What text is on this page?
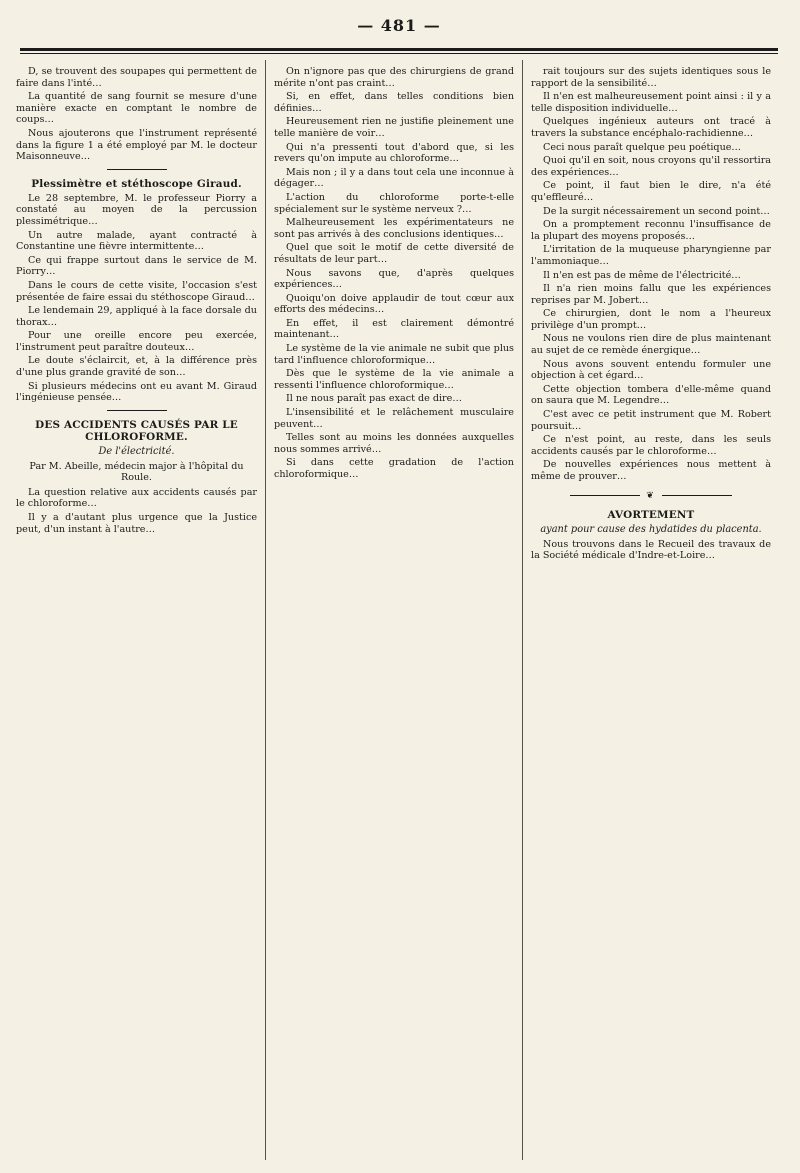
— 481 —

D, se trouvent des soupapes qui permettent de faire dans l'inté…

La quantité de sang fournit se mesure d'une manière exacte en comptant le nombre de coups…

Nous ajouterons que l'instrument représenté dans la figure 1 a été employé par M. le docteur Maisonneuve…

Plessimètre et stéthoscope Giraud.

Le 28 septembre, M. le professeur Piorry a constaté au moyen de la percussion plessimétrique…

Un autre malade, ayant contracté à Constantine une fièvre intermittente…

Ce qui frappe surtout dans le service de M. Piorry…

Dans le cours de cette visite, l'occasion s'est présentée de faire essai du stéthoscope Giraud…

Le lendemain 29, appliqué à la face dorsale du thorax…

Pour une oreille encore peu exercée, l'instrument peut paraître douteux…

Le doute s'éclaircit, et, à la différence près d'une plus grande gravité de son…

Si plusieurs médecins ont eu avant M. Giraud l'ingénieuse pensée…

DES ACCIDENTS CAUSÉS PAR LE CHLOROFORME.
De l'électricité.
Par M. Abeille, médecin major à l'hôpital du Roule.

La question relative aux accidents causés par le chloroforme…

Il y a d'autant plus urgence que la Justice peut, d'un instant à l'autre…

On n'ignore pas que des chirurgiens de grand mérite n'ont pas craint…

Si, en effet, dans telles conditions bien définies…

Heureusement rien ne justifie pleinement une telle manière de voir…

Qui n'a pressenti tout d'abord que, si les revers qu'on impute au chloroforme…

Mais non ; il y a dans tout cela une inconnue à dégager…

L'action du chloroforme porte-t-elle spécialement sur le système nerveux ?…

Malheureusement les expérimentateurs ne sont pas arrivés à des conclusions identiques…

Quel que soit le motif de cette diversité de résultats de leur part…

Nous savons que, d'après quelques expériences…

Quoiqu'on doive applaudir de tout cœur aux efforts des médecins…

En effet, il est clairement démontré maintenant…

Le système de la vie animale ne subit que plus tard l'influence chloroformique…

Dès que le système de la vie animale a ressenti l'influence chloroformique…

Il ne nous paraît pas exact de dire…

L'insensibilité et le relâchement musculaire peuvent…

Telles sont au moins les données auxquelles nous sommes arrivé…

Si dans cette gradation de l'action chloroformique…

rait toujours sur des sujets identiques sous le rapport de la sensibilité…

Il n'en est malheureusement point ainsi : il y a telle disposition individuelle…

Quelques ingénieux auteurs ont tracé à travers la substance encéphalo-rachidienne…

Ceci nous paraît quelque peu poétique…

Quoi qu'il en soit, nous croyons qu'il ressortira des expériences…

Ce point, il faut bien le dire, n'a été qu'effleuré…

De la surgit nécessairement un second point…

On a promptement reconnu l'insuffisance de la plupart des moyens proposés…

L'irritation de la muqueuse pharyngienne par l'ammoniaque…

Il n'en est pas de même de l'électricité…

Il n'a rien moins fallu que les expériences reprises par M. Jobert…

Ce chirurgien, dont le nom a l'heureux privilège d'un prompt…

Nous ne voulons rien dire de plus maintenant au sujet de ce remède énergique…

Nous avons souvent entendu formuler une objection à cet égard…

Cette objection tombera d'elle-même quand on saura que M. Legendre…

C'est avec ce petit instrument que M. Robert poursuit…

Ce n'est point, au reste, dans les seuls accidents causés par le chloroforme…

De nouvelles expériences nous mettent à même de prouver…

❦
AVORTEMENT
ayant pour cause des hydatides du placenta.

Nous trouvons dans le Recueil des travaux de la Société médicale d'Indre-et-Loire…
